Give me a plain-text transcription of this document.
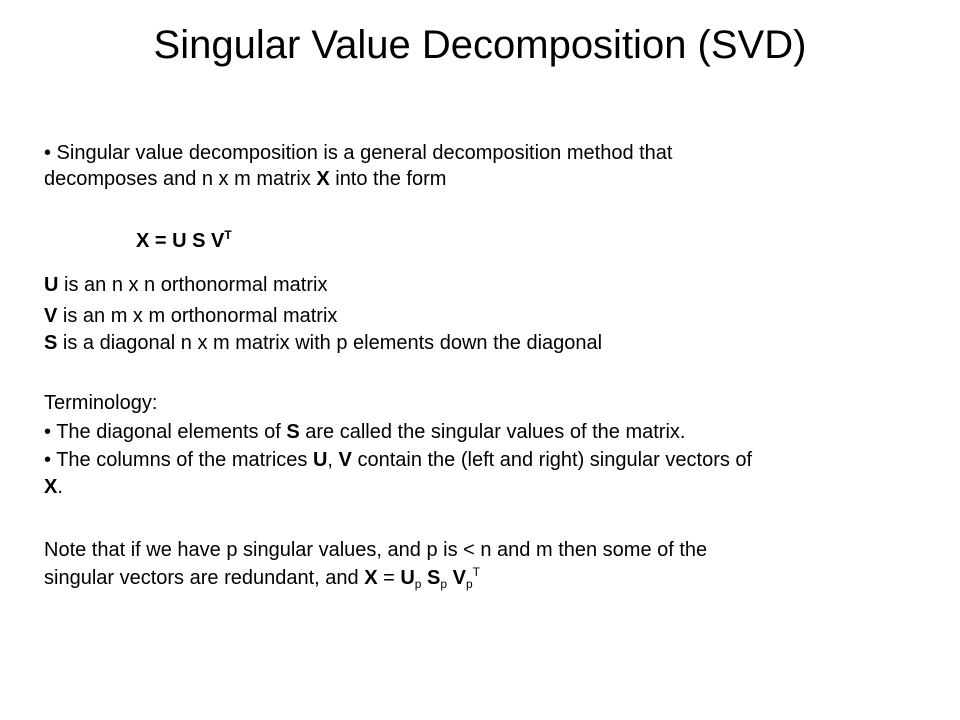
Singular Value Decomposition (SVD)
• Singular value decomposition is a general decomposition method that
decomposes and n x m matrix X into the form
X = U S $V^T$
U is an n x n orthonormal matrix
V is an m x m orthonormal matrix
S is a diagonal n x m matrix with p elements down the diagonal
Terminology:
• The diagonal elements of S are called the singular values of the matrix.
• The columns of the matrices U, V contain the (left and right) singular vectors of
X.
Note that if we have p singular values, and p is < n and m then some of the
singular vectors are redundant, and $X = U_p$ $S_p$ $V_p^T$
